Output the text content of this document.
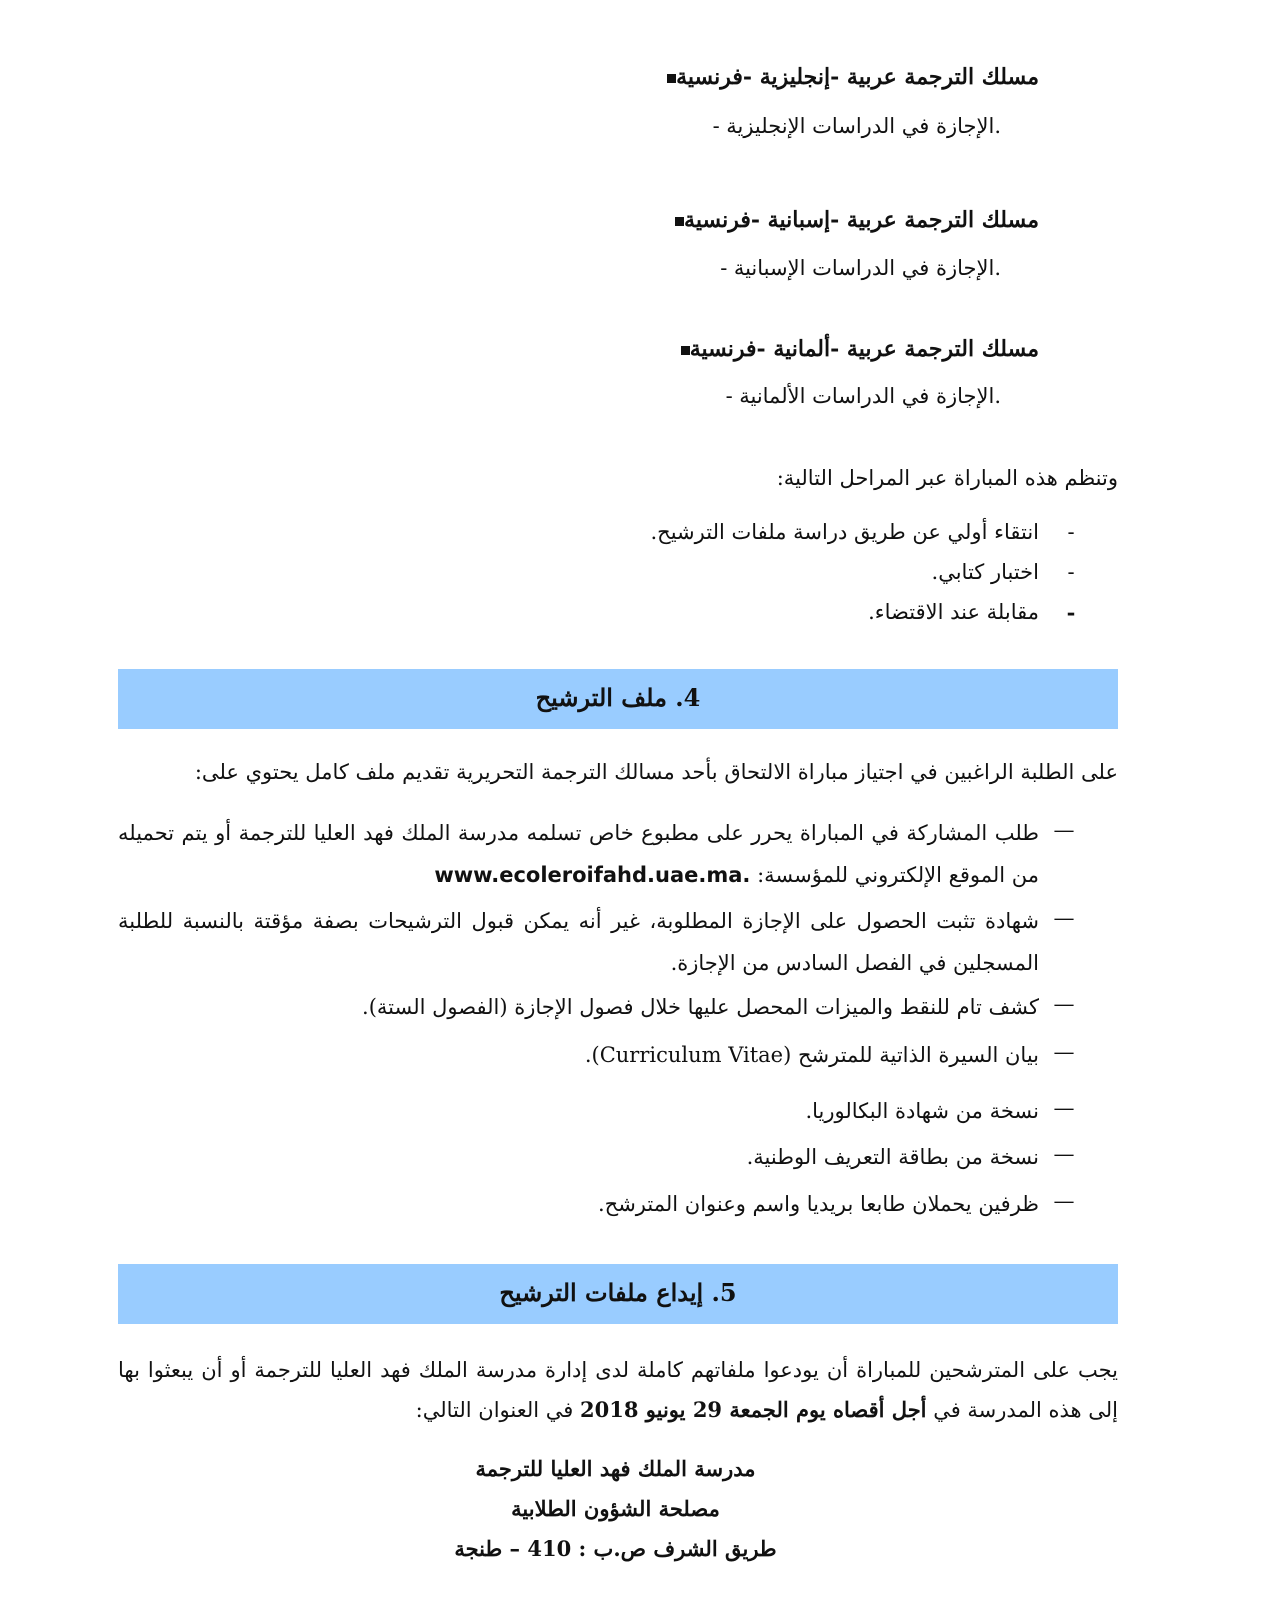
مسلك الترجمة عربية -إنجليزية -فرنسية
- الإجازة في الدراسات الإنجليزية.
مسلك الترجمة عربية -إسبانية -فرنسية
- الإجازة في الدراسات الإسبانية.
مسلك الترجمة عربية -ألمانية -فرنسية
- الإجازة في الدراسات الألمانية.
وتنظم هذه المباراة عبر المراحل التالية:
-
انتقاء أولي عن طريق دراسة ملفات الترشيح.
-
اختبار كتابي.
-
مقابلة عند الاقتضاء.
4. ملف الترشيح
على الطلبة الراغبين في اجتياز مباراة الالتحاق بأحد مسالك الترجمة التحريرية تقديم ملف كامل يحتوي على:
—
طلب المشاركة في المباراة يحرر على مطبوع خاص تسلمه مدرسة الملك فهد العليا للترجمة أو يتم تحميله من الموقع الإلكتروني للمؤسسة: www.ecoleroifahd.uae.ma.
—
شهادة تثبت الحصول على الإجازة المطلوبة، غير أنه يمكن قبول الترشيحات بصفة مؤقتة بالنسبة للطلبة المسجلين في الفصل السادس من الإجازة.
—
كشف تام للنقط والميزات المحصل عليها خلال فصول الإجازة (الفصول الستة).
—
بيان السيرة الذاتية للمترشح (Curriculum Vitae).
—
نسخة من شهادة البكالوريا.
—
نسخة من بطاقة التعريف الوطنية.
—
ظرفين يحملان طابعا بريديا واسم وعنوان المترشح.
5. إيداع ملفات الترشيح
يجب على المترشحين للمباراة أن يودعوا ملفاتهم كاملة لدى إدارة مدرسة الملك فهد العليا للترجمة أو أن يبعثوا بها إلى هذه المدرسة في أجل أقصاه يوم الجمعة 29 يونيو 2018 في العنوان التالي:
مدرسة الملك فهد العليا للترجمة
مصلحة الشؤون الطلابية
طريق الشرف ص.ب : 410 – طنجة
